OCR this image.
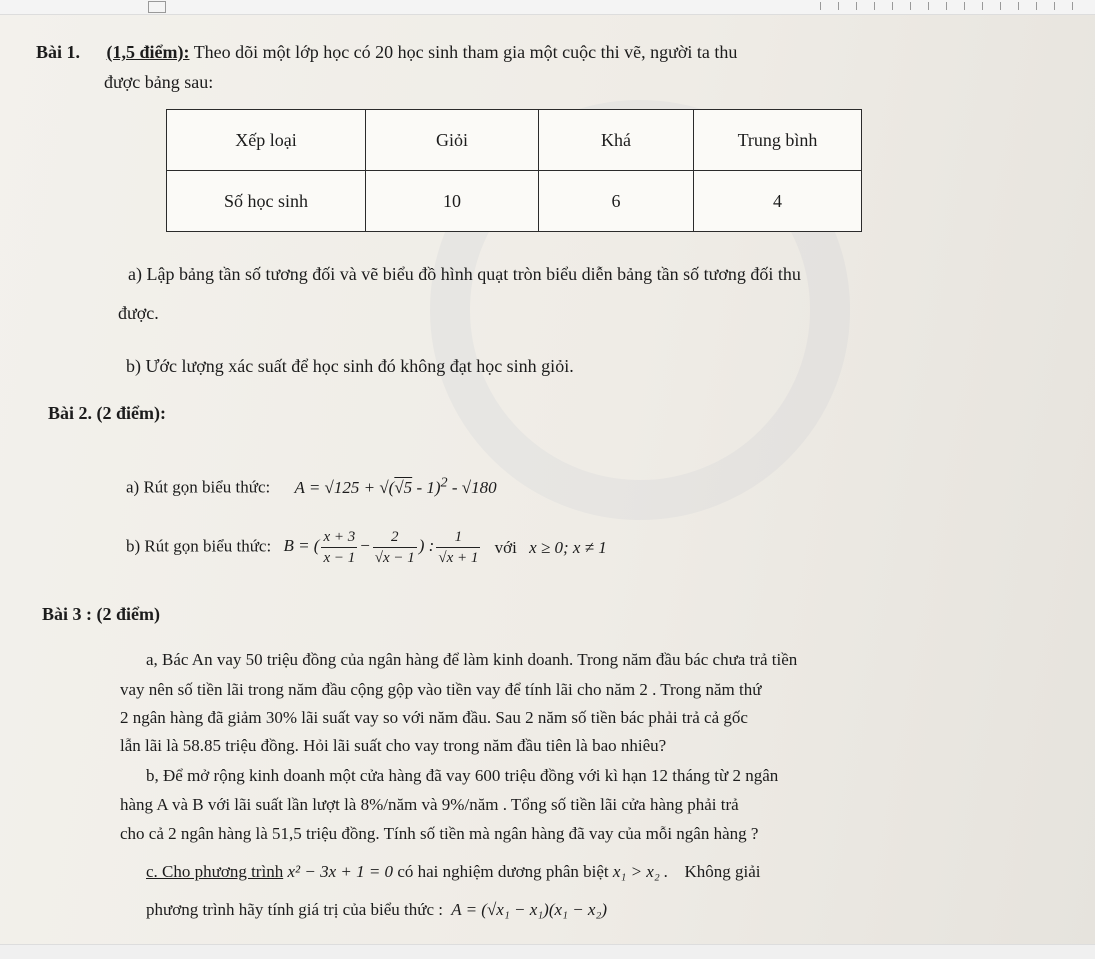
Bài 1. (1,5 điểm): Theo dõi một lớp học có 20 học sinh tham gia một cuộc thi vẽ, người ta thu
được bảng sau:
Xếp loại	Giỏi	Khá	Trung bình
Số học sinh	10	6	4
a) Lập bảng tần số tương đối và vẽ biểu đồ hình quạt tròn biểu diễn bảng tần số tương đối thu
được.
b) Ước lượng xác suất để học sinh đó không đạt học sinh giỏi.
Bài 2. (2 điểm):
a) Rút gọn biểu thức: A = √125 + √(√5 - 1)$^2$ - √180
b) Rút gọn biểu thức: B = ( $\frac{x + 3}{x - 1} - \frac{2}{√x - 1}$ ) : $\frac{1}{√x + 1}$ với x ≥ 0; x ≠ 1
Bài 3 : (2 điểm)
a, Bác An vay 50 triệu đồng của ngân hàng để làm kinh doanh. Trong năm đầu bác chưa trả tiền
vay nên số tiền lãi trong năm đầu cộng gộp vào tiền vay để tính lãi cho năm 2 . Trong năm thứ
2 ngân hàng đã giảm 30% lãi suất vay so với năm đầu. Sau 2 năm số tiền bác phải trả cả gốc
lẫn lãi là 58.85 triệu đồng. Hỏi lãi suất cho vay trong năm đầu tiên là bao nhiêu?
b, Để mở rộng kinh doanh một cửa hàng đã vay 600 triệu đồng với kì hạn 12 tháng từ 2 ngân
hàng A và B với lãi suất lần lượt là 8%/năm và 9%/năm . Tổng số tiền lãi cửa hàng phải trả
cho cả 2 ngân hàng là 51,5 triệu đồng. Tính số tiền mà ngân hàng đã vay của mỗi ngân hàng ?
c. Cho phương trình x² − 3x + 1 = 0 có hai nghiệm dương phân biệt x₁ > x₂ . Không giải
phương trình hãy tính giá trị của biểu thức : A = (√x₁ − x₁)(x₁ − x₂)
